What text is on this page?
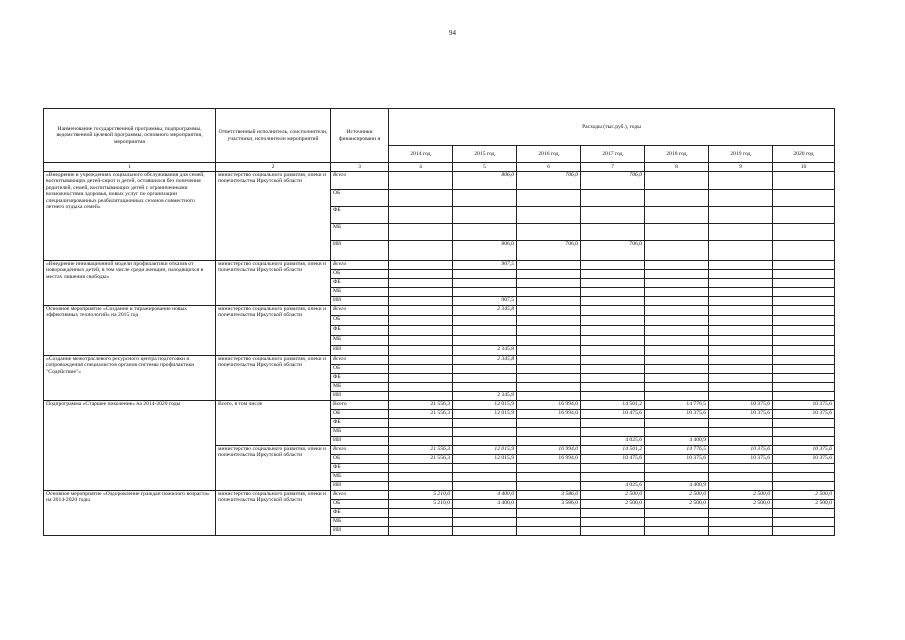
94
Наименование государственной программы, подпрограммы, ведомственной целевой программы, основного мероприятия, мероприятия	Ответственный исполнитель, соисполнители, участники, исполнители мероприятий	Источники финансировани я	Расходы (тыс.руб.), годы						
			2014 год	2015 год	2016 год	2017 год	2018 год	2019 год	2020 год
1	2	3	4	5	6	7	8	9	10
«Внедрение в учреждениях социального обслуживания для семей, воспитывающих детей-сирот и детей, оставшихся без попечения родителей, семей, воспитывающих детей с ограниченными возможностями здоровья, новых услуг по организации специализированных реабилитационных сезонов совместного летнего отдыха семей»	министерство социального развития, опеки и попечительства Иркутской области	Всего		806,0	706,0	706,0			
		ОБ							
		ФБ							
		МБ							
		ИИ		806,0	706,0	706,0			
«Внедрение инновационной модели профилактики отказов от новорожденных детей, в том числе среди женщин, находящихся в местах лишения свободы»	министерство социального развития, опеки и попечительства Иркутской области	Всего		907,5					
		ОБ							
		ФБ							
		МБ							
		ИИ		907,5					
Основное мероприятие «Создание и тиражирование новых эффективных технологий» на 2015 год	министерство социального развития, опеки и попечительства Иркутской области	Всего		2 345,8					
		ОБ							
		ФБ							
		МБ							
		ИИ		2 345,8					
«Создание межотраслевого ресурсного центра подготовки и сопровождения специалистов органов системы профилактики "Содействие"»	министерство социального развития, опеки и попечительства Иркутской области	Всего		2 345,8					
		ОБ							
		ФБ							
		МБ							
		ИИ		2 345,8					
Подпрограмма «Старшее поколение» на 2014-2020 годы	Всего, в том числе	Всего	21 556,3	12 015,9	16 994,0	14 501,2	14 776,5	10 375,6	10 375,6
		ОБ	21 556,3	12 015,9	16 994,0	10 475,6	10 375,6	10 375,6	10 375,6
		ФБ							
		МБ							
		ИИ				4 025,6	4 400,9		
	министерство социального развития, опеки и попечительства Иркутской области	Всего	21 556,3	12 015,9	16 994,0	14 501,2	14 776,5	10 375,6	10 375,6
		ОБ	21 556,3	12 015,9	16 994,0	10 475,6	10 375,6	10 375,6	10 375,6
		ФБ							
		МБ							
		ИИ				4 025,6	4 400,9		
Основное мероприятие «Оздоровление граждан пожилого возраста» на 2014-2020 годы	министерство социального развития, опеки и попечительства Иркутской области	Всего	5 210,0	4 400,0	3 586,0	2 500,0	2 500,0	2 500,0	2 500,0
		ОБ	5 210,0	4 400,0	3 586,0	2 500,0	2 500,0	2 500,0	2 500,0
		ФБ							
		МБ							
		ИИ							
